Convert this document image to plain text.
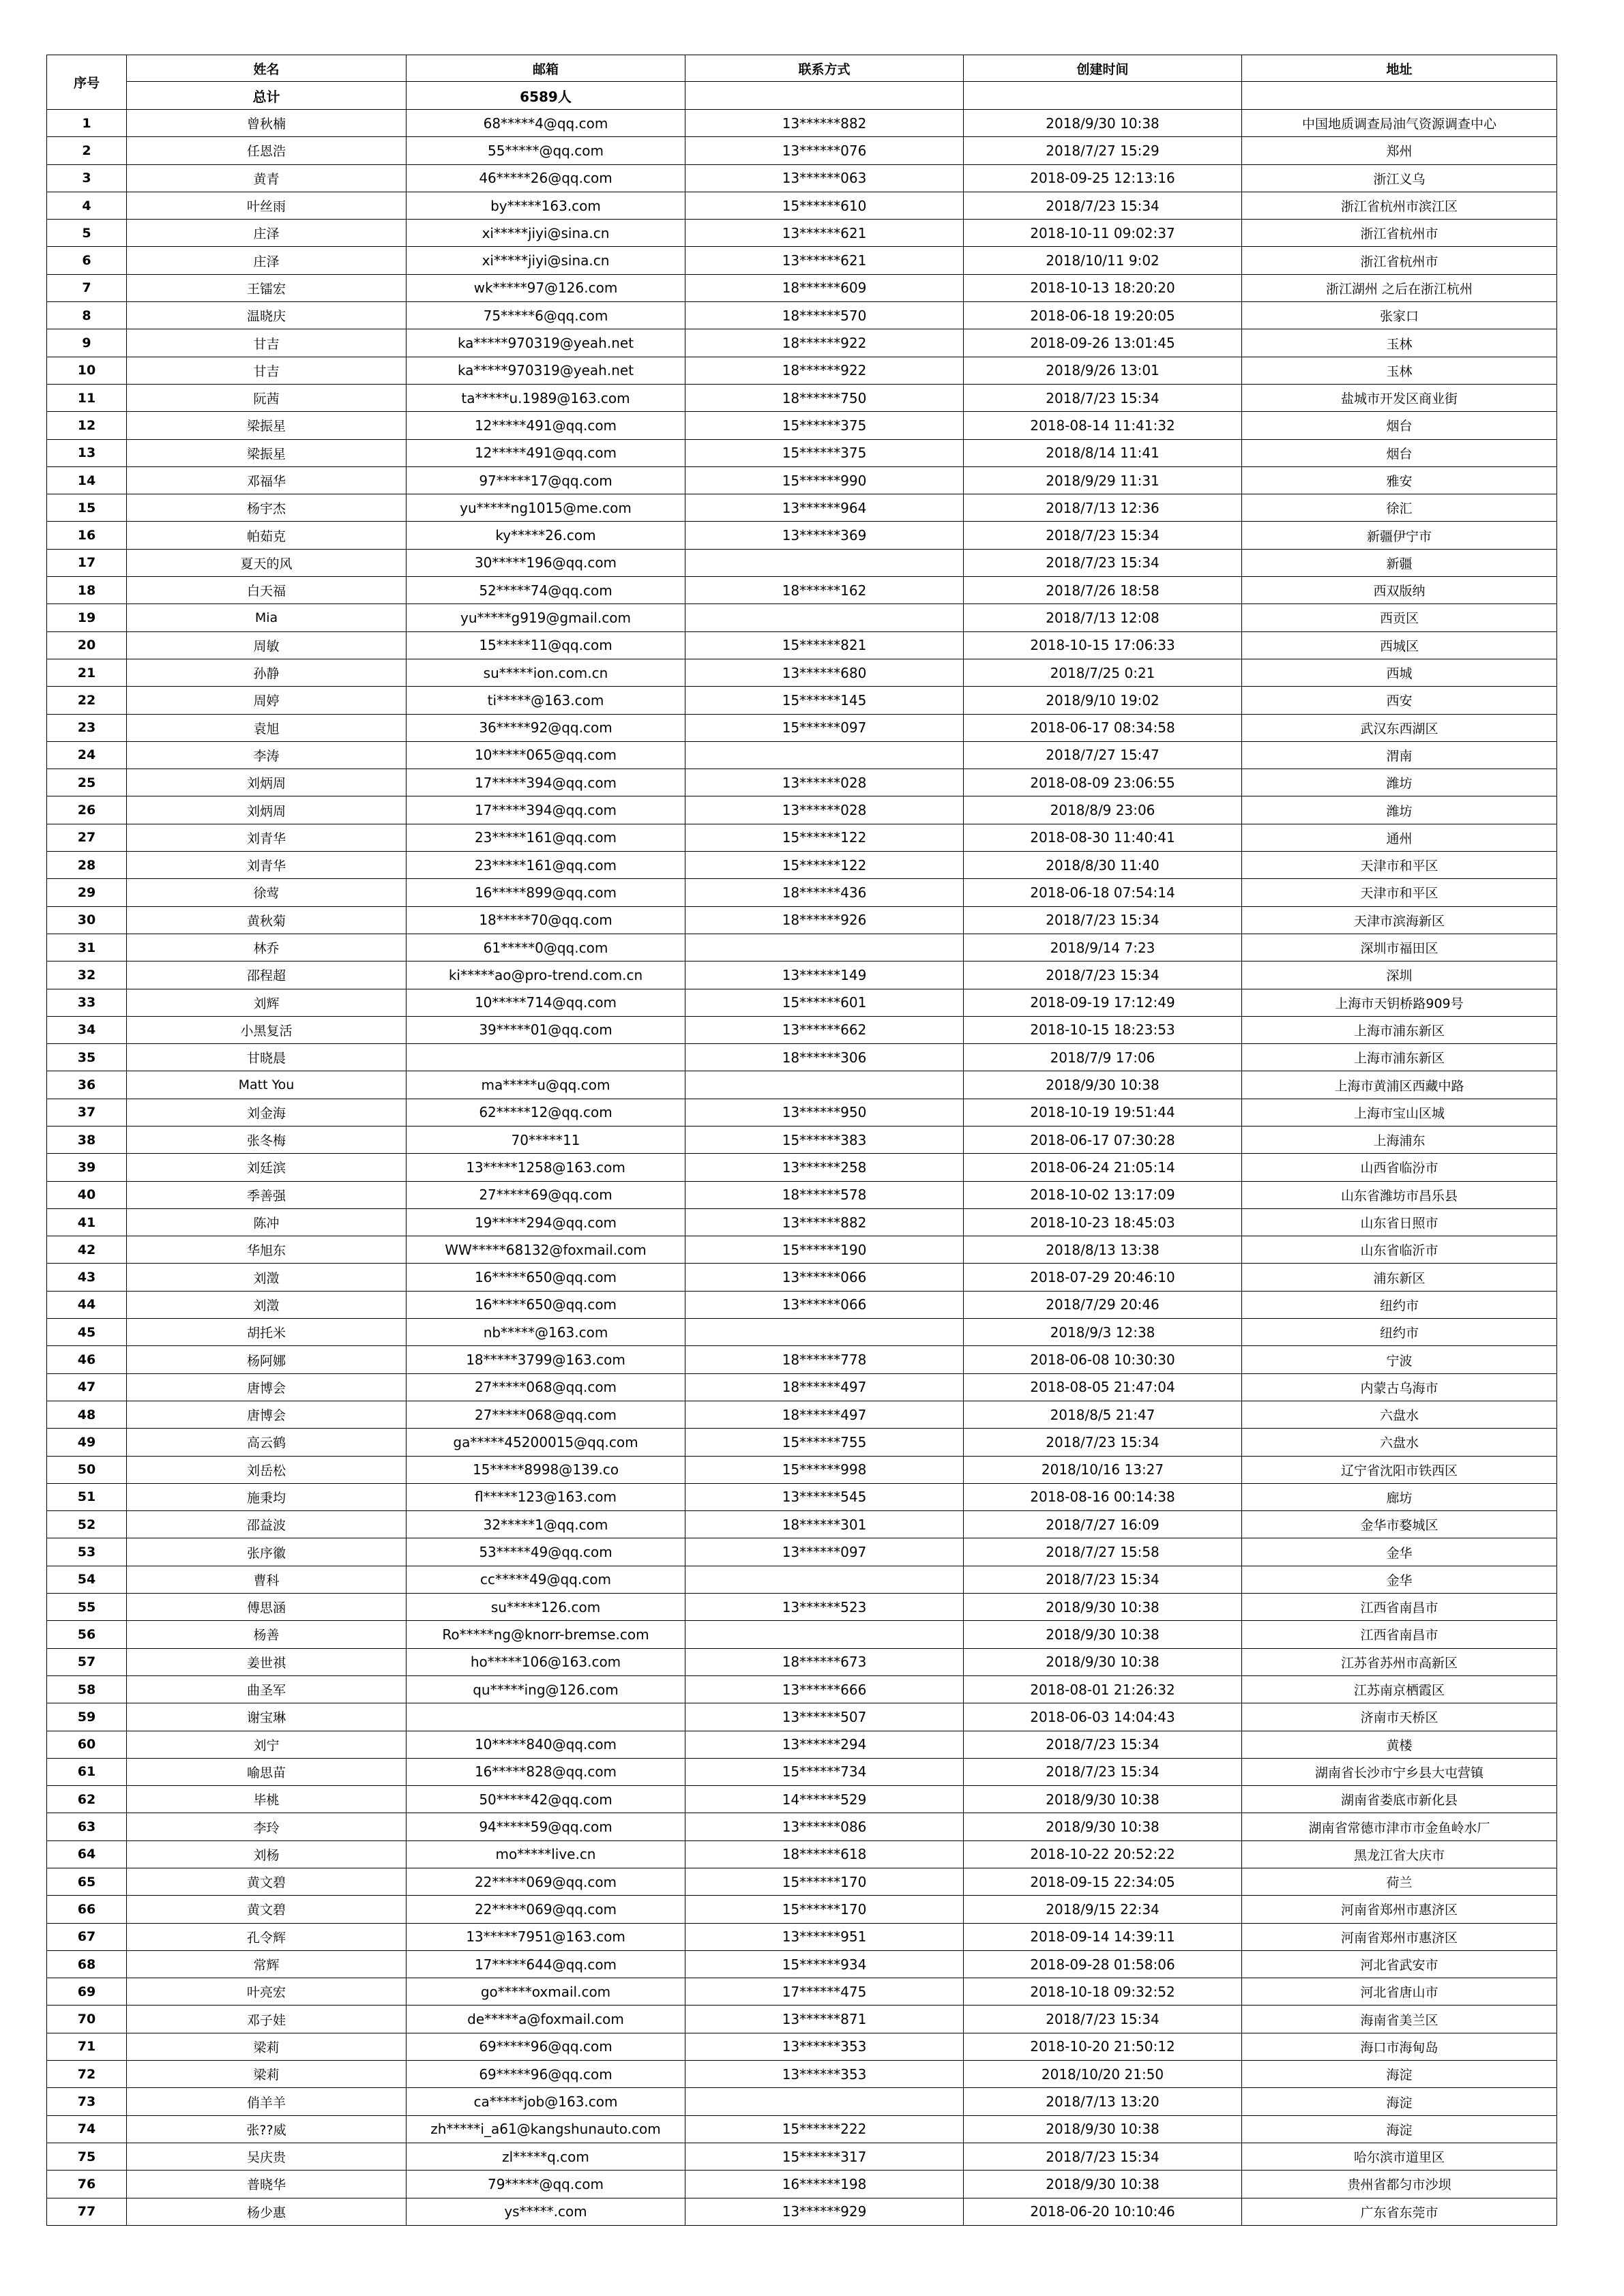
序号	姓名	邮箱	联系方式	创建时间	地址
	总计	6589人			
1	曾秋楠	68*****4@qq.com	13******882	2018/9/30 10:38	中国地质调查局油气资源调查中心
2	任恩浩	55*****@qq.com	13******076	2018/7/27 15:29	郑州
3	黄青	46*****26@qq.com	13******063	2018-09-25 12:13:16	浙江义乌
4	叶丝雨	by*****163.com	15******610	2018/7/23 15:34	浙江省杭州市滨江区
5	庄泽	xi*****jiyi@sina.cn	13******621	2018-10-11 09:02:37	浙江省杭州市
6	庄泽	xi*****jiyi@sina.cn	13******621	2018/10/11 9:02	浙江省杭州市
7	王镭宏	wk*****97@126.com	18******609	2018-10-13 18:20:20	浙江湖州 之后在浙江杭州
8	温晓庆	75*****6@qq.com	18******570	2018-06-18 19:20:05	张家口
9	甘吉	ka*****970319@yeah.net	18******922	2018-09-26 13:01:45	玉林
10	甘吉	ka*****970319@yeah.net	18******922	2018/9/26 13:01	玉林
11	阮茜	ta*****u.1989@163.com	18******750	2018/7/23 15:34	盐城市开发区商业街
12	梁振星	12*****491@qq.com	15******375	2018-08-14 11:41:32	烟台
13	梁振星	12*****491@qq.com	15******375	2018/8/14 11:41	烟台
14	邓福华	97*****17@qq.com	15******990	2018/9/29 11:31	雅安
15	杨宇杰	yu*****ng1015@me.com	13******964	2018/7/13 12:36	徐汇
16	帕茹克	ky*****26.com	13******369	2018/7/23 15:34	新疆伊宁市
17	夏天的风	30*****196@qq.com		2018/7/23 15:34	新疆
18	白天福	52*****74@qq.com	18******162	2018/7/26 18:58	西双版纳
19	Mia	yu*****g919@gmail.com		2018/7/13 12:08	西贡区
20	周敏	15*****11@qq.com	15******821	2018-10-15 17:06:33	西城区
21	孙静	su*****ion.com.cn	13******680	2018/7/25 0:21	西城
22	周婷	ti*****@163.com	15******145	2018/9/10 19:02	西安
23	袁旭	36*****92@qq.com	15******097	2018-06-17 08:34:58	武汉东西湖区
24	李涛	10*****065@qq.com		2018/7/27 15:47	渭南
25	刘炳周	17*****394@qq.com	13******028	2018-08-09 23:06:55	潍坊
26	刘炳周	17*****394@qq.com	13******028	2018/8/9 23:06	潍坊
27	刘青华	23*****161@qq.com	15******122	2018-08-30 11:40:41	通州
28	刘青华	23*****161@qq.com	15******122	2018/8/30 11:40	天津市和平区
29	徐莺	16*****899@qq.com	18******436	2018-06-18 07:54:14	天津市和平区
30	黄秋菊	18*****70@qq.com	18******926	2018/7/23 15:34	天津市滨海新区
31	林乔	61*****0@qq.com		2018/9/14 7:23	深圳市福田区
32	邵程超	ki*****ao@pro-trend.com.cn	13******149	2018/7/23 15:34	深圳
33	刘辉	10*****714@qq.com	15******601	2018-09-19 17:12:49	上海市天钥桥路909号
34	小黑复活	39*****01@qq.com	13******662	2018-10-15 18:23:53	上海市浦东新区
35	甘晓晨		18******306	2018/7/9 17:06	上海市浦东新区
36	Matt You	ma*****u@qq.com		2018/9/30 10:38	上海市黄浦区西藏中路
37	刘金海	62*****12@qq.com	13******950	2018-10-19 19:51:44	上海市宝山区城
38	张冬梅	70*****11	15******383	2018-06-17 07:30:28	上海浦东
39	刘廷滨	13*****1258@163.com	13******258	2018-06-24 21:05:14	山西省临汾市
40	季善强	27*****69@qq.com	18******578	2018-10-02 13:17:09	山东省潍坊市昌乐县
41	陈冲	19*****294@qq.com	13******882	2018-10-23 18:45:03	山东省日照市
42	华旭东	WW*****68132@foxmail.com	15******190	2018/8/13 13:38	山东省临沂市
43	刘澂	16*****650@qq.com	13******066	2018-07-29 20:46:10	浦东新区
44	刘澂	16*****650@qq.com	13******066	2018/7/29 20:46	纽约市
45	胡托米	nb*****@163.com		2018/9/3 12:38	纽约市
46	杨阿娜	18*****3799@163.com	18******778	2018-06-08 10:30:30	宁波
47	唐博会	27*****068@qq.com	18******497	2018-08-05 21:47:04	内蒙古乌海市
48	唐博会	27*****068@qq.com	18******497	2018/8/5 21:47	六盘水
49	高云鹤	ga*****45200015@qq.com	15******755	2018/7/23 15:34	六盘水
50	刘岳松	15*****8998@139.co	15******998	2018/10/16 13:27	辽宁省沈阳市铁西区
51	施秉均	fl*****123@163.com	13******545	2018-08-16 00:14:38	廊坊
52	邵益波	32*****1@qq.com	18******301	2018/7/27 16:09	金华市婺城区
53	张序徽	53*****49@qq.com	13******097	2018/7/27 15:58	金华
54	曹科	cc*****49@qq.com		2018/7/23 15:34	金华
55	傅思涵	su*****126.com	13******523	2018/9/30 10:38	江西省南昌市
56	杨善	Ro*****ng@knorr-bremse.com		2018/9/30 10:38	江西省南昌市
57	姜世祺	ho*****106@163.com	18******673	2018/9/30 10:38	江苏省苏州市高新区
58	曲圣军	qu*****ing@126.com	13******666	2018-08-01 21:26:32	江苏南京栖霞区
59	谢宝琳		13******507	2018-06-03 14:04:43	济南市天桥区
60	刘宁	10*****840@qq.com	13******294	2018/7/23 15:34	黄楼
61	喻思苗	16*****828@qq.com	15******734	2018/7/23 15:34	湖南省长沙市宁乡县大屯营镇
62	毕桃	50*****42@qq.com	14******529	2018/9/30 10:38	湖南省娄底市新化县
63	李玲	94*****59@qq.com	13******086	2018/9/30 10:38	湖南省常德市津市市金鱼岭水厂
64	刘杨	mo*****live.cn	18******618	2018-10-22 20:52:22	黑龙江省大庆市
65	黄文碧	22*****069@qq.com	15******170	2018-09-15 22:34:05	荷兰
66	黄文碧	22*****069@qq.com	15******170	2018/9/15 22:34	河南省郑州市惠济区
67	孔令辉	13*****7951@163.com	13******951	2018-09-14 14:39:11	河南省郑州市惠济区
68	常辉	17*****644@qq.com	15******934	2018-09-28 01:58:06	河北省武安市
69	叶亮宏	go*****oxmail.com	17******475	2018-10-18 09:32:52	河北省唐山市
70	邓子娃	de*****a@foxmail.com	13******871	2018/7/23 15:34	海南省美兰区
71	梁莉	69*****96@qq.com	13******353	2018-10-20 21:50:12	海口市海甸岛
72	梁莉	69*****96@qq.com	13******353	2018/10/20 21:50	海淀
73	俏羊羊	ca*****job@163.com		2018/7/13 13:20	海淀
74	张??威	zh*****i_a61@kangshunauto.com	15******222	2018/9/30 10:38	海淀
75	吴庆贵	zl*****q.com	15******317	2018/7/23 15:34	哈尔滨市道里区
76	普晓华	79*****@qq.com	16******198	2018/9/30 10:38	贵州省都匀市沙坝
77	杨少惠	ys*****.com	13******929	2018-06-20 10:10:46	广东省东莞市
